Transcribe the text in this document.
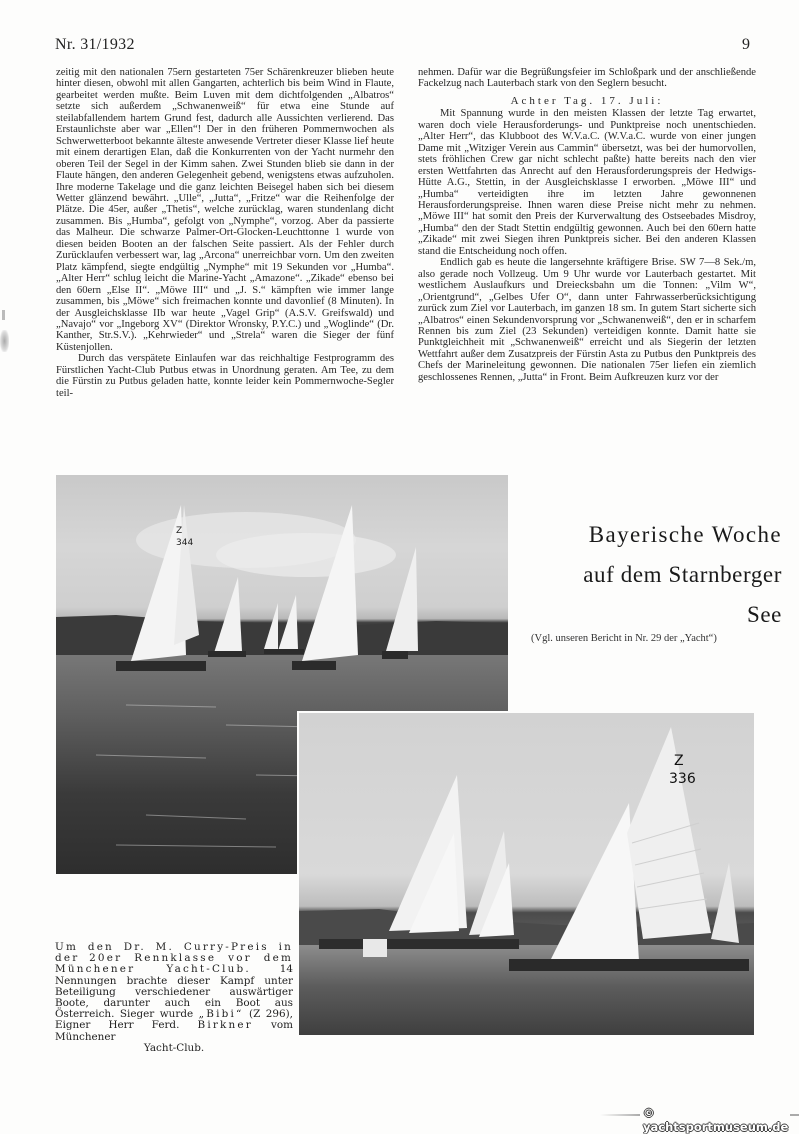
Nr. 31/1932	9

zeitig mit den nationalen 75ern gestarteten 75er Schärenkreuzer blieben heute hinter diesen, obwohl mit allen Gangarten, achterlich bis beim Wind in Flaute, gearbeitet werden mußte. Beim Luven mit dem dichtfolgenden „Albatros“ setzte sich außerdem „Schwanenweiß“ für etwa eine Stunde auf steilabfallendem hartem Grund fest, dadurch alle Aussichten verlierend. Das Erstaunlichste aber war „Ellen“! Der in den früheren Pommernwochen als Schwerwetterboot bekannte älteste anwesende Vertreter dieser Klasse lief heute mit einem derartigen Elan, daß die Konkurrenten von der Yacht nurmehr den oberen Teil der Segel in der Kimm sahen. Zwei Stunden blieb sie dann in der Flaute hängen, den anderen Gelegenheit gebend, wenigstens etwas aufzuholen. Ihre moderne Takelage und die ganz leichten Beisegel haben sich bei diesem Wetter glänzend bewährt. „Ulle“, „Jutta“, „Fritze“ war die Reihenfolge der Plätze. Die 45er, außer „Thetis“, welche zurücklag, waren stundenlang dicht zusammen. Bis „Humba“, gefolgt von „Nymphe“, vorzog. Aber da passierte das Malheur. Die schwarze Palmer-Ort-Glocken-Leuchttonne 1 wurde von diesen beiden Booten an der falschen Seite passiert. Als der Fehler durch Zurücklaufen verbessert war, lag „Arcona“ unerreichbar vorn. Um den zweiten Platz kämpfend, siegte endgültig „Nymphe“ mit 19 Sekunden vor „Humba“. „Alter Herr“ schlug leicht die Marine-Yacht „Amazone“. „Zikade“ ebenso bei den 60ern „Else II“. „Möwe III“ und „J. S.“ kämpften wie immer lange zusammen, bis „Möwe“ sich freimachen konnte und davonlief (8 Minuten). In der Ausgleichsklasse IIb war heute „Vagel Grip“ (A.S.V. Greifswald) und „Navajo“ vor „Ingeborg XV“ (Direktor Wronsky, P.Y.C.) und „Woglinde“ (Dr. Kanther, Str.S.V.). „Kehrwieder“ und „Strela“ waren die Sieger der fünf Küstenjollen.

Durch das verspätete Einlaufen war das reichhaltige Festprogramm des Fürstlichen Yacht-Club Putbus etwas in Unordnung geraten. Am Tee, zu dem die Fürstin zu Putbus geladen hatte, konnte leider kein Pommernwoche-Segler teil-

nehmen. Dafür war die Begrüßungsfeier im Schloßpark und der anschließende Fackelzug nach Lauterbach stark von den Seglern besucht.

Achter Tag. 17. Juli:

Mit Spannung wurde in den meisten Klassen der letzte Tag erwartet, waren doch viele Herausforderungs- und Punktpreise noch unentschieden. „Alter Herr“, das Klubboot des W.V.a.C. (W.V.a.C. wurde von einer jungen Dame mit „Witziger Verein aus Cammin“ übersetzt, was bei der humorvollen, stets fröhlichen Crew gar nicht schlecht paßte) hatte bereits nach den vier ersten Wettfahrten das Anrecht auf den Herausforderungspreis der Hedwigs-Hütte A.G., Stettin, in der Ausgleichsklasse I erworben. „Möwe III“ und „Humba“ verteidigten ihre im letzten Jahre gewonnenen Herausforderungspreise. Ihnen waren diese Preise nicht mehr zu nehmen. „Möwe III“ hat somit den Preis der Kurverwaltung des Ostseebades Misdroy, „Humba“ den der Stadt Stettin endgültig gewonnen. Auch bei den 60ern hatte „Zikade“ mit zwei Siegen ihren Punktpreis sicher. Bei den anderen Klassen stand die Entscheidung noch offen.

Endlich gab es heute die langersehnte kräftigere Brise. SW 7—8 Sek./m, also gerade noch Vollzeug. Um 9 Uhr wurde vor Lauterbach gestartet. Mit westlichem Auslaufkurs und Dreiecksbahn um die Tonnen: „Vilm W“, „Orientgrund“, „Gelbes Ufer O“, dann unter Fahrwasserberücksichtigung zurück zum Ziel vor Lauterbach, im ganzen 18 sm. In gutem Start sicherte sich „Albatros“ einen Sekundenvorsprung vor „Schwanenweiß“, den er in scharfem Rennen bis zum Ziel (23 Sekunden) verteidigen konnte. Damit hatte sie Punktgleichheit mit „Schwanenweiß“ erreicht und als Siegerin der letzten Wettfahrt außer dem Zusatzpreis der Fürstin Asta zu Putbus den Punktpreis des Chefs der Marineleitung gewonnen. Die nationalen 75er liefen ein ziemlich geschlossenes Rennen, „Jutta“ in Front. Beim Aufkreuzen kurz vor der

Z
344
Z
336
Bayerische Woche
auf dem Starnberger
See
(Vgl. unseren Bericht in Nr. 29 der „Yacht“)
Um den Dr. M. Curry-Preis in der 20er Rennklasse vor dem Münchener Yacht-Club. 14 Nennungen brachte dieser Kampf unter Beteiligung verschiedener auswärtiger Boote, darunter auch ein Boot aus Österreich. Sieger wurde „Bibi“ (Z 296), Eigner Herr Ferd. Birkner vom Münchener
Yacht-Club.
© yachtsportmuseum.de
